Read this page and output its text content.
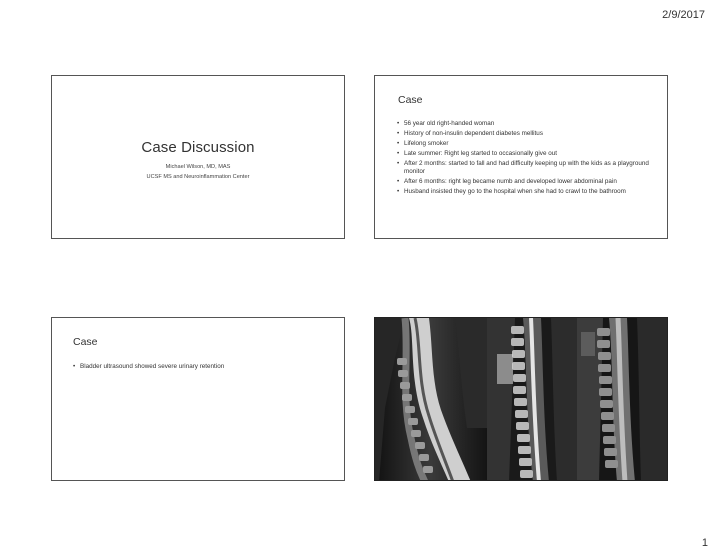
2/9/2017
Case Discussion
Michael Wilson, MD, MAS
UCSF MS and Neuroinflammation Center
Case
• 56 year old right-handed woman
• History of non-insulin dependent diabetes mellitus
• Lifelong smoker
• Late summer: Right leg started to occasionally give out
• After 2 months: started to fall and had difficulty keeping up with the kids as a playground monitor
• After 6 months: right leg became numb and developed lower abdominal pain
• Husband insisted they go to the hospital when she had to crawl to the bathroom
Case
• Bladder ultrasound showed severe urinary retention
1
